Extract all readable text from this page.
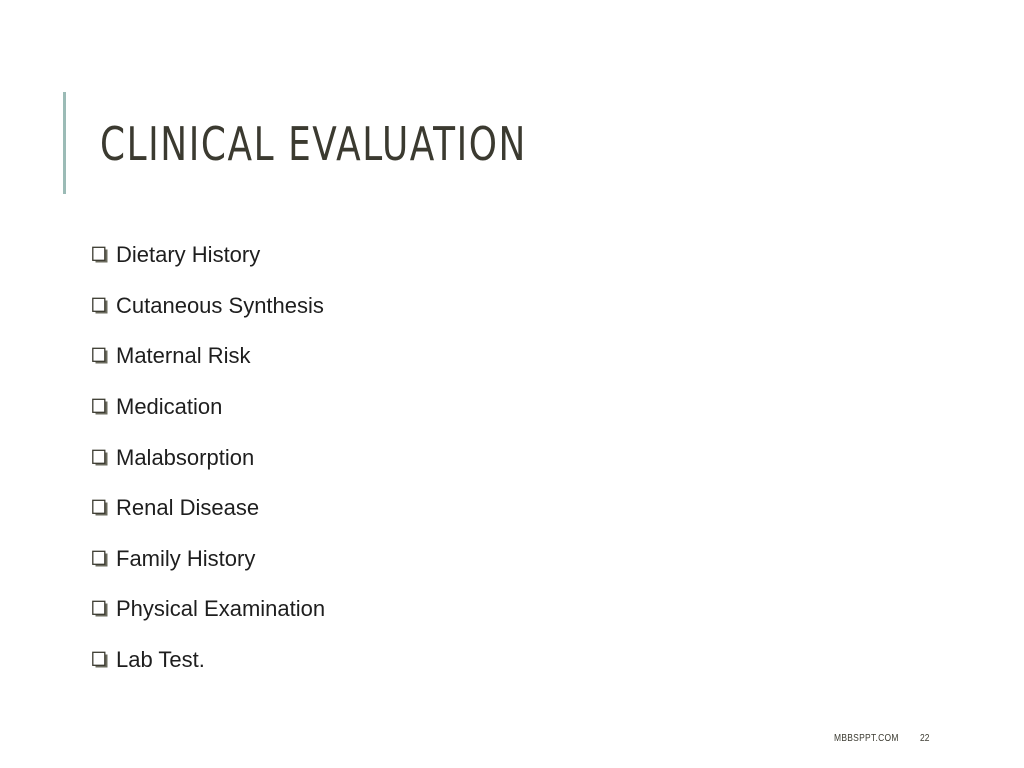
CLINICAL EVALUATION
Dietary History
Cutaneous Synthesis
Maternal Risk
Medication
Malabsorption
Renal Disease
Family History
Physical Examination
Lab Test.
MBBSPPT.COM 22
